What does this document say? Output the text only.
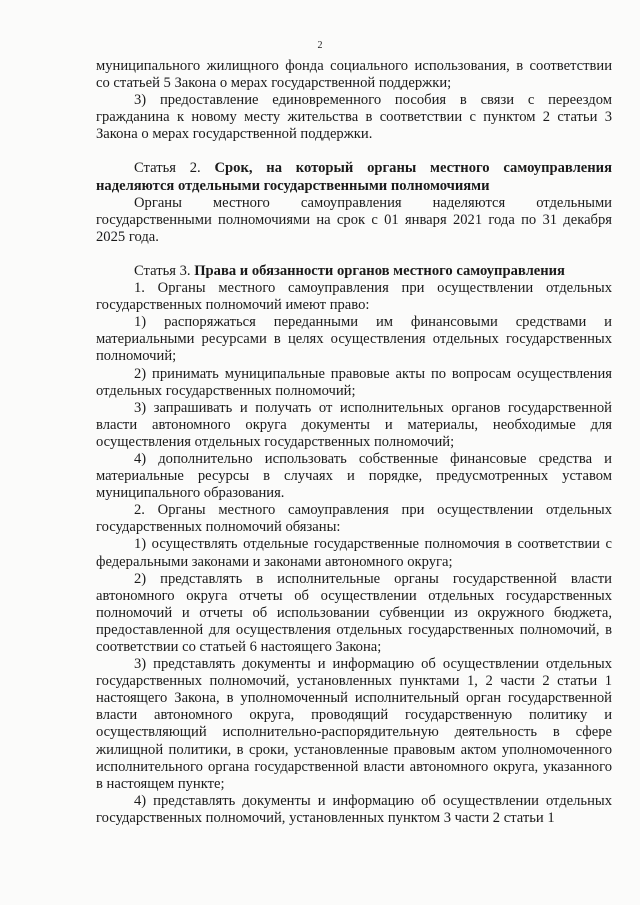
2

муниципального жилищного фонда социального использования, в соответствии со статьей 5 Закона о мерах государственной поддержки;

3) предоставление единовременного пособия в связи с переездом гражданина к новому месту жительства в соответствии с пунктом 2 статьи 3 Закона о мерах государственной поддержки.

Статья 2. Срок, на который органы местного самоуправления наделяются отдельными государственными полномочиями

Органы местного самоуправления наделяются отдельными государственными полномочиями на срок с 01 января 2021 года по 31 декабря 2025 года.

Статья 3. Права и обязанности органов местного самоуправления

1. Органы местного самоуправления при осуществлении отдельных государственных полномочий имеют право:

1) распоряжаться переданными им финансовыми средствами и материальными ресурсами в целях осуществления отдельных государственных полномочий;

2) принимать муниципальные правовые акты по вопросам осуществления отдельных государственных полномочий;

3) запрашивать и получать от исполнительных органов государственной власти автономного округа документы и материалы, необходимые для осуществления отдельных государственных полномочий;

4) дополнительно использовать собственные финансовые средства и материальные ресурсы в случаях и порядке, предусмотренных уставом муниципального образования.

2. Органы местного самоуправления при осуществлении отдельных государственных полномочий обязаны:

1) осуществлять отдельные государственные полномочия в соответствии с федеральными законами и законами автономного округа;

2) представлять в исполнительные органы государственной власти автономного округа отчеты об осуществлении отдельных государственных полномочий и отчеты об использовании субвенции из окружного бюджета, предоставленной для осуществления отдельных государственных полномочий, в соответствии со статьей 6 настоящего Закона;

3) представлять документы и информацию об осуществлении отдельных государственных полномочий, установленных пунктами 1, 2 части 2 статьи 1 настоящего Закона, в уполномоченный исполнительный орган государственной власти автономного округа, проводящий государственную политику и осуществляющий исполнительно-распорядительную деятельность в сфере жилищной политики, в сроки, установленные правовым актом уполномоченного исполнительного органа государственной власти автономного округа, указанного в настоящем пункте;

4) представлять документы и информацию об осуществлении отдельных государственных полномочий, установленных пунктом 3 части 2 статьи 1
